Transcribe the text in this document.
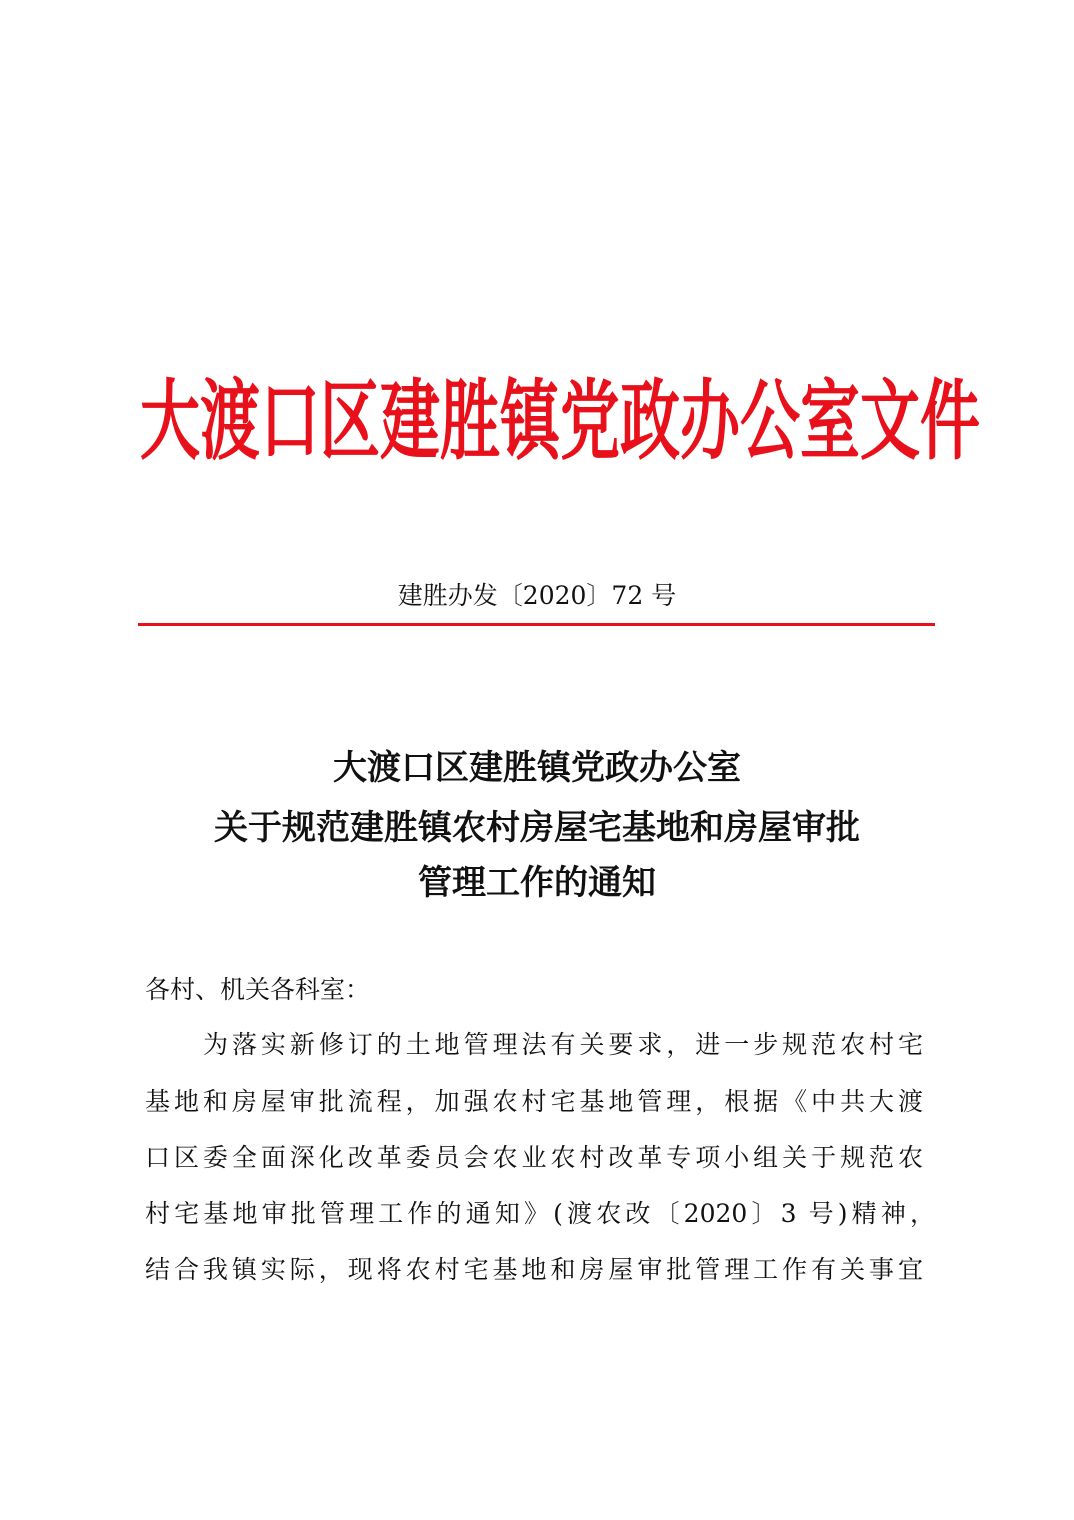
大渡口区建胜镇党政办公室文件
建胜办发〔2020〕72 号
大渡口区建胜镇党政办公室
关于规范建胜镇农村房屋宅基地和房屋审批
管理工作的通知
各村、机关各科室：
为落实新修订的土地管理法有关要求，进一步规范农村宅
基地和房屋审批流程，加强农村宅基地管理，根据《中共大渡
口区委全面深化改革委员会农业农村改革专项小组关于规范农
村宅基地审批管理工作的通知》(渡农改〔2020〕3 号)精神，
结合我镇实际，现将农村宅基地和房屋审批管理工作有关事宜
